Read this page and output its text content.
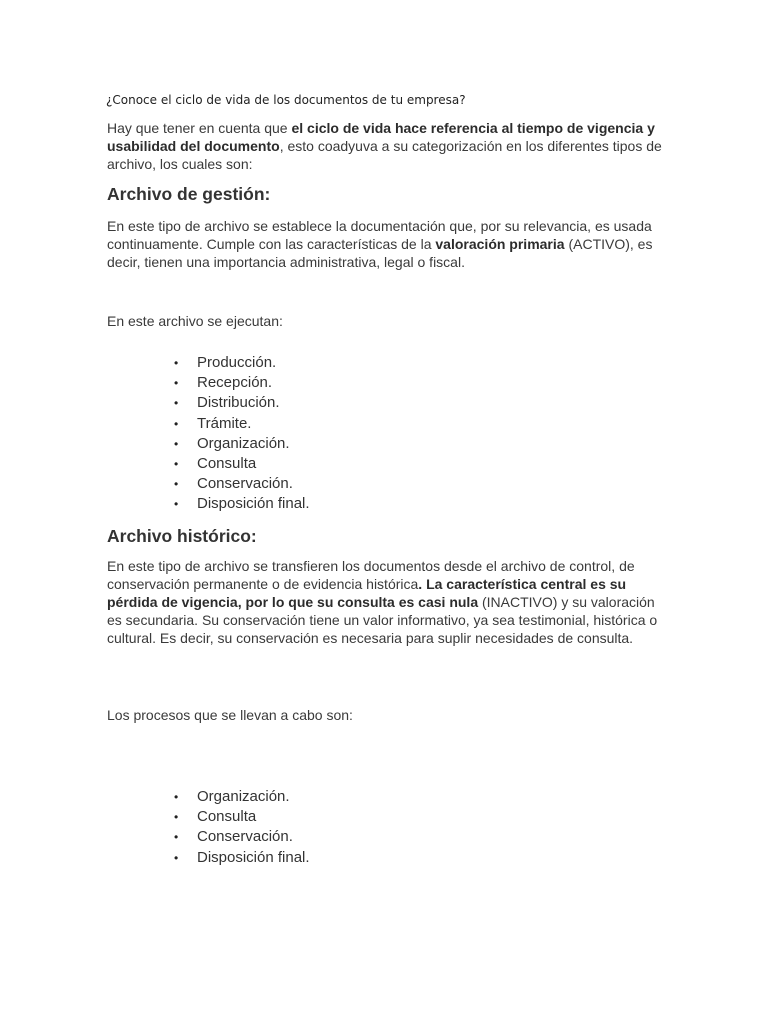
¿Conoce el ciclo de vida de los documentos de tu empresa?

Hay que tener en cuenta que el ciclo de vida hace referencia al tiempo de vigencia y usabilidad del documento, esto coadyuva a su categorización en los diferentes tipos de archivo, los cuales son:

Archivo de gestión:

En este tipo de archivo se establece la documentación que, por su relevancia, es usada continuamente. Cumple con las características de la valoración primaria (ACTIVO), es decir, tienen una importancia administrativa, legal o fiscal.

En este archivo se ejecutan:

• Producción.
• Recepción.
• Distribución.
• Trámite.
• Organización.
• Consulta
• Conservación.
• Disposición final.
Archivo histórico:

En este tipo de archivo se transfieren los documentos desde el archivo de control, de conservación permanente o de evidencia histórica. La característica central es su pérdida de vigencia, por lo que su consulta es casi nula (INACTIVO) y su valoración es secundaria. Su conservación tiene un valor informativo, ya sea testimonial, histórica o cultural. Es decir, su conservación es necesaria para suplir necesidades de consulta.

Los procesos que se llevan a cabo son:

• Organización.
• Consulta
• Conservación.
• Disposición final.
